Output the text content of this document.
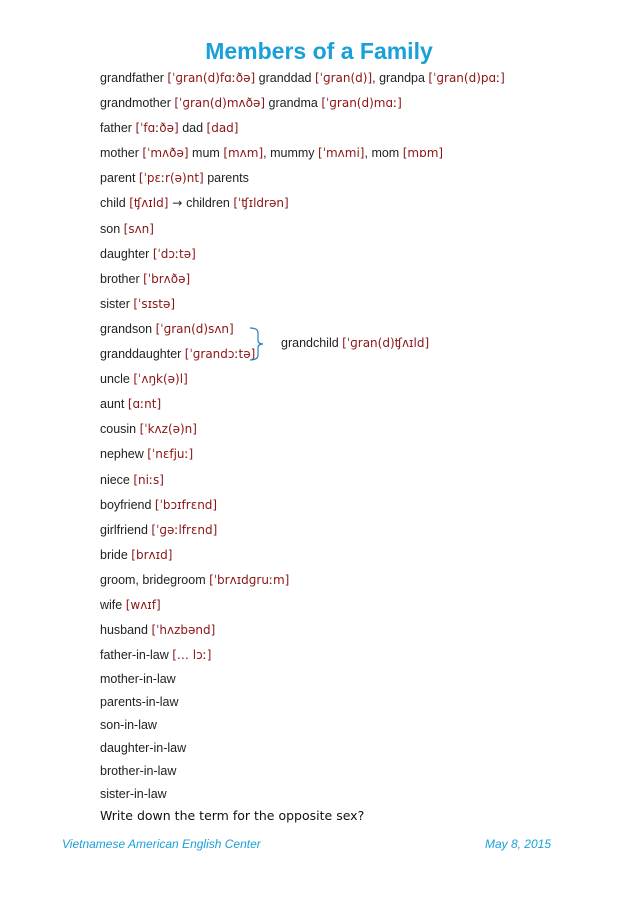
Members of a Family
grandfather [ˈɡran(d)fɑːðə] granddad [ˈɡran(d)], grandpa [ˈɡran(d)pɑː]
grandmother [ˈɡran(d)mʌðə] grandma [ˈɡran(d)mɑː]
father [ˈfɑːðə] dad [dad]
mother [ˈmʌðə] mum [mʌm], mummy [ˈmʌmi], mom [mɒm]
parent [ˈpɛːr(ə)nt] parents
child [ʧʌɪld] → children [ˈʧɪldrən]
son [sʌn]
daughter [ˈdɔːtə]
brother [ˈbrʌðə]
sister [ˈsɪstə]
grandson [ˈɡran(d)sʌn]
granddaughter [ˈɡrandɔːtə]
uncle [ˈʌŋk(ə)l]
aunt [ɑːnt]
cousin [ˈkʌz(ə)n]
nephew [ˈnɛfjuː]
niece [niːs]
boyfriend [ˈbɔɪfrɛnd]
girlfriend [ˈɡəːlfrɛnd]
bride [brʌɪd]
groom, bridegroom [ˈbrʌɪdɡruːm]
wife [wʌɪf]
husband [ˈhʌzbənd]
father-in-law [… lɔː]
mother-in-law
parents-in-law
son-in-law
daughter-in-law
brother-in-law
sister-in-law
grandchild [ˈɡran(d)ʧʌɪld]
Write down the term for the opposite sex?
Vietnamese American English Center	May 8, 2015
